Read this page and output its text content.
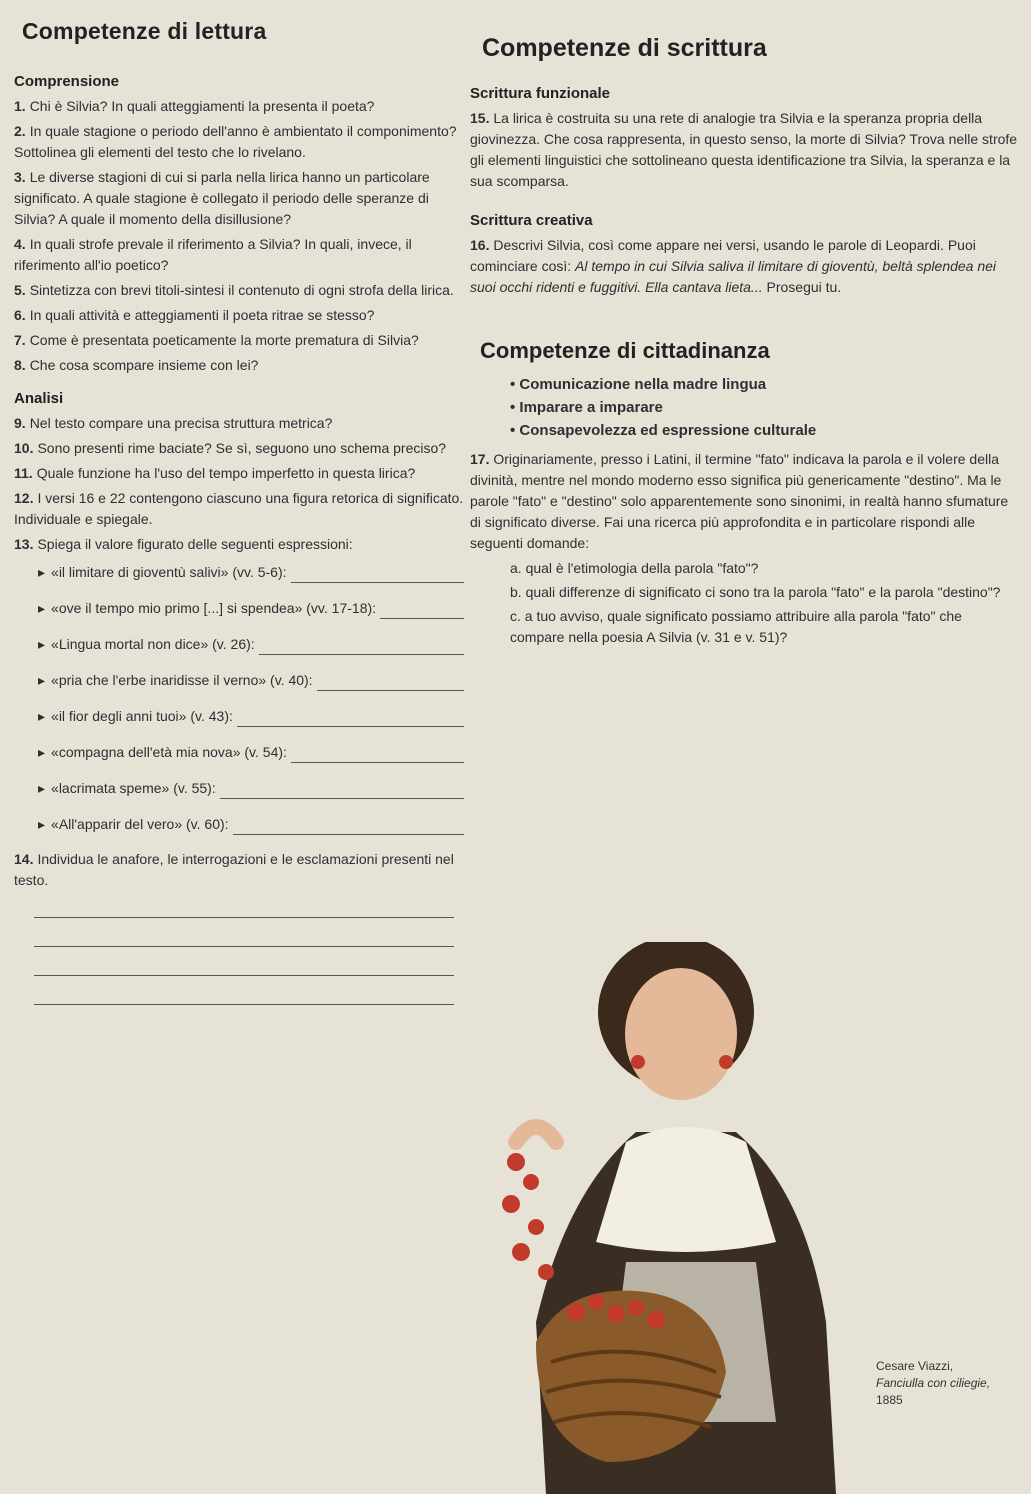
Competenze di lettura
Comprensione
1. Chi è Silvia? In quali atteggiamenti la presenta il poeta?
2. In quale stagione o periodo dell'anno è ambientato il componimento? Sottolinea gli elementi del testo che lo rivelano.
3. Le diverse stagioni di cui si parla nella lirica hanno un particolare significato. A quale stagione è collegato il periodo delle speranze di Silvia? A quale il momento della disillusione?
4. In quali strofe prevale il riferimento a Silvia? In quali, invece, il riferimento all'io poetico?
5. Sintetizza con brevi titoli-sintesi il contenuto di ogni strofa della lirica.
6. In quali attività e atteggiamenti il poeta ritrae se stesso?
7. Come è presentata poeticamente la morte prematura di Silvia?
8. Che cosa scompare insieme con lei?
Analisi
9. Nel testo compare una precisa struttura metrica?
10. Sono presenti rime baciate? Se sì, seguono uno schema preciso?
11. Quale funzione ha l'uso del tempo imperfetto in questa lirica?
12. I versi 16 e 22 contengono ciascuno una figura retorica di significato. Individuale e spiegale.
13. Spiega il valore figurato delle seguenti espressioni:
▸ «il limitare di gioventù salivi» (vv. 5-6):
▸ «ove il tempo mio primo [...] si spendea» (vv. 17-18):
▸ «Lingua mortal non dice» (v. 26):
▸ «pria che l'erbe inaridisse il verno» (v. 40):
▸ «il fior degli anni tuoi» (v. 43):
▸ «compagna dell'età mia nova» (v. 54):
▸ «lacrimata speme» (v. 55):
▸ «All'apparir del vero» (v. 60):
14. Individua le anafore, le interrogazioni e le esclamazioni presenti nel testo.
Competenze di scrittura
Scrittura funzionale
15. La lirica è costruita su una rete di analogie tra Silvia e la speranza propria della giovinezza. Che cosa rappresenta, in questo senso, la morte di Silvia? Trova nelle strofe gli elementi linguistici che sottolineano questa identificazione tra Silvia, la speranza e la sua scomparsa.
Scrittura creativa
16. Descrivi Silvia, così come appare nei versi, usando le parole di Leopardi. Puoi cominciare così: Al tempo in cui Silvia saliva il limitare di gioventù, beltà splendea nei suoi occhi ridenti e fuggitivi. Ella cantava lieta... Prosegui tu.
Competenze di cittadinanza
• Comunicazione nella madre lingua
• Imparare a imparare
• Consapevolezza ed espressione culturale
17. Originariamente, presso i Latini, il termine "fato" indicava la parola e il volere della divinità, mentre nel mondo moderno esso significa più genericamente "destino". Ma le parole "fato" e "destino" solo apparentemente sono sinonimi, in realtà hanno sfumature di significato diverse. Fai una ricerca più approfondita e in particolare rispondi alle seguenti domande:
a. qual è l'etimologia della parola "fato"?
b. quali differenze di significato ci sono tra la parola "fato" e la parola "destino"?
c. a tuo avviso, quale significato possiamo attribuire alla parola "fato" che compare nella poesia A Silvia (v. 31 e v. 51)?
Cesare Viazzi,
Fanciulla con ciliegie,
1885
